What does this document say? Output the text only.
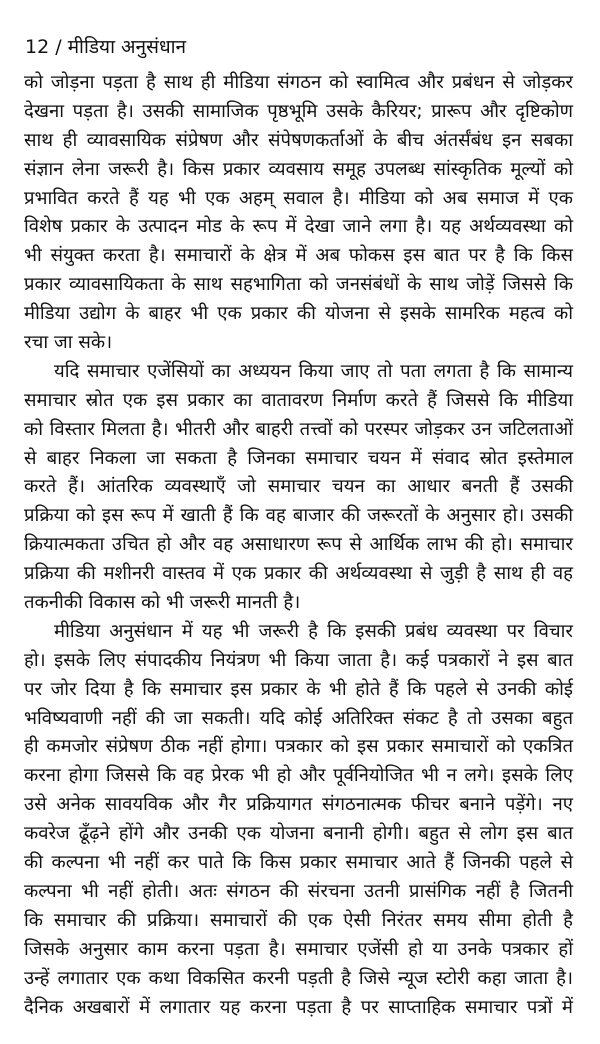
12 / मीडिया अनुसंधान
को जोड़ना पड़ता है साथ ही मीडिया संगठन को स्वामित्व और प्रबंधन से जोड़कर
देखना पड़ता है। उसकी सामाजिक पृष्ठभूमि उसके कैरियर; प्रारूप और दृष्टिकोण
साथ ही व्यावसायिक संप्रेषण और संपेषणकर्ताओं के बीच अंतर्संबंध इन सबका
संज्ञान लेना जरूरी है। किस प्रकार व्यवसाय समूह उपलब्ध सांस्कृतिक मूल्यों को
प्रभावित करते हैं यह भी एक अहम् सवाल है। मीडिया को अब समाज में एक
विशेष प्रकार के उत्पादन मोड के रूप में देखा जाने लगा है। यह अर्थव्यवस्था को
भी संयुक्त करता है। समाचारों के क्षेत्र में अब फोकस इस बात पर है कि किस
प्रकार व्यावसायिकता के साथ सहभागिता को जनसंबंधों के साथ जोड़ें जिससे कि
मीडिया उद्योग के बाहर भी एक प्रकार की योजना से इसके सामरिक महत्व को
रचा जा सके।
यदि समाचार एजेंसियों का अध्ययन किया जाए तो पता लगता है कि सामान्य
समाचार स्रोत एक इस प्रकार का वातावरण निर्माण करते हैं जिससे कि मीडिया
को विस्तार मिलता है। भीतरी और बाहरी तत्त्वों को परस्पर जोड़कर उन जटिलताओं
से बाहर निकला जा सकता है जिनका समाचार चयन में संवाद स्रोत इस्तेमाल
करते हैं। आंतरिक व्यवस्थाएँ जो समाचार चयन का आधार बनती हैं उसकी
प्रक्रिया को इस रूप में खाती हैं कि वह बाजार की जरूरतों के अनुसार हो। उसकी
क्रियात्मकता उचित हो और वह असाधारण रूप से आर्थिक लाभ की हो। समाचार
प्रक्रिया की मशीनरी वास्तव में एक प्रकार की अर्थव्यवस्था से जुड़ी है साथ ही वह
तकनीकी विकास को भी जरूरी मानती है।
मीडिया अनुसंधान में यह भी जरूरी है कि इसकी प्रबंध व्यवस्था पर विचार
हो। इसके लिए संपादकीय नियंत्रण भी किया जाता है। कई पत्रकारों ने इस बात
पर जोर दिया है कि समाचार इस प्रकार के भी होते हैं कि पहले से उनकी कोई
भविष्यवाणी नहीं की जा सकती। यदि कोई अतिरिक्त संकट है तो उसका बहुत
ही कमजोर संप्रेषण ठीक नहीं होगा। पत्रकार को इस प्रकार समाचारों को एकत्रित
करना होगा जिससे कि वह प्रेरक भी हो और पूर्वनियोजित भी न लगे। इसके लिए
उसे अनेक सावयविक और गैर प्रक्रियागत संगठनात्मक फीचर बनाने पड़ेंगे। नए
कवरेज ढूँढ़ने होंगे और उनकी एक योजना बनानी होगी। बहुत से लोग इस बात
की कल्पना भी नहीं कर पाते कि किस प्रकार समाचार आते हैं जिनकी पहले से
कल्पना भी नहीं होती। अतः संगठन की संरचना उतनी प्रासंगिक नहीं है जितनी
कि समाचार की प्रक्रिया। समाचारों की एक ऐसी निरंतर समय सीमा होती है
जिसके अनुसार काम करना पड़ता है। समाचार एजेंसी हो या उनके पत्रकार हों
उन्हें लगातार एक कथा विकसित करनी पड़ती है जिसे न्यूज स्टोरी कहा जाता है।
दैनिक अखबारों में लगातार यह करना पड़ता है पर साप्ताहिक समाचार पत्रों में
